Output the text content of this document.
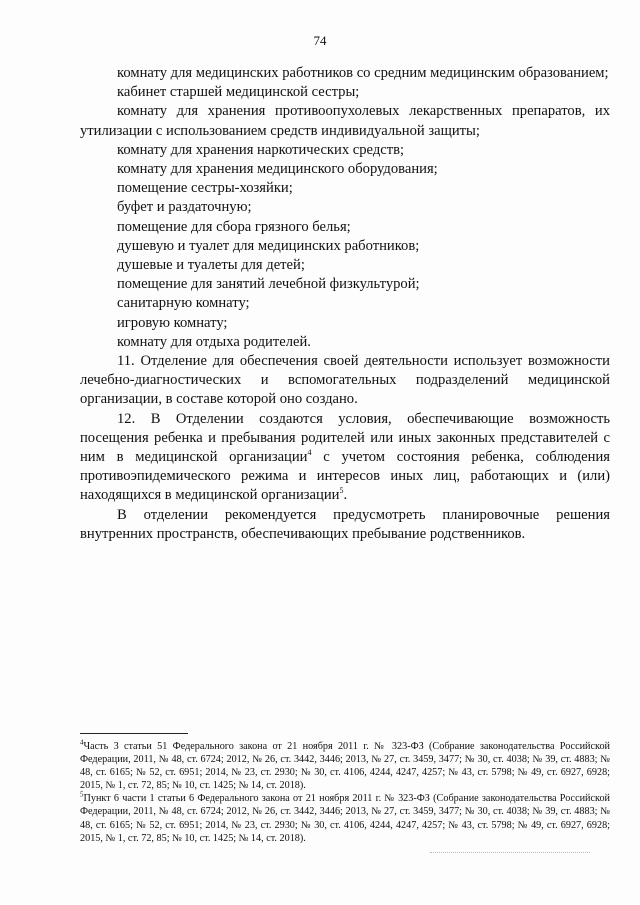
74

комнату для медицинских работников со средним медицинским образованием;

кабинет старшей медицинской сестры;

комнату для хранения противоопухолевых лекарственных препаратов, их утилизации с использованием средств индивидуальной защиты;

комнату для хранения наркотических средств;

комнату для хранения медицинского оборудования;

помещение сестры-хозяйки;

буфет и раздаточную;

помещение для сбора грязного белья;

душевую и туалет для медицинских работников;

душевые и туалеты для детей;

помещение для занятий лечебной физкультурой;

санитарную комнату;

игровую комнату;

комнату для отдыха родителей.

11. Отделение для обеспечения своей деятельности использует возможности лечебно-диагностических и вспомогательных подразделений медицинской организации, в составе которой оно создано.

12. В Отделении создаются условия, обеспечивающие возможность посещения ребенка и пребывания родителей или иных законных представителей с ним в медицинской организации$^4$ с учетом состояния ребенка, соблюдения противоэпидемического режима и интересов иных лиц, работающих и (или) находящихся в медицинской организации$^5$.

В отделении рекомендуется предусмотреть планировочные решения внутренних пространств, обеспечивающих пребывание родственников.

$^4$Часть 3 статьи 51 Федерального закона от 21 ноября 2011 г. № 323-ФЗ (Собрание законодательства Российской Федерации, 2011, № 48, ст. 6724; 2012, № 26, ст. 3442, 3446; 2013, № 27, ст. 3459, 3477; № 30, ст. 4038; № 39, ст. 4883; № 48, ст. 6165; № 52, ст. 6951; 2014, № 23, ст. 2930; № 30, ст. 4106, 4244, 4247, 4257; № 43, ст. 5798; № 49, ст. 6927, 6928; 2015, № 1, ст. 72, 85; № 10, ст. 1425; № 14, ст. 2018).

$^5$Пункт 6 части 1 статьи 6 Федерального закона от 21 ноября 2011 г. № 323-ФЗ (Собрание законодательства Российской Федерации, 2011, № 48, ст. 6724; 2012, № 26, ст. 3442, 3446; 2013, № 27, ст. 3459, 3477; № 30, ст. 4038; № 39, ст. 4883; № 48, ст. 6165; № 52, ст. 6951; 2014, № 23, ст. 2930; № 30, ст. 4106, 4244, 4247, 4257; № 43, ст. 5798; № 49, ст. 6927, 6928; 2015, № 1, ст. 72, 85; № 10, ст. 1425; № 14, ст. 2018).
